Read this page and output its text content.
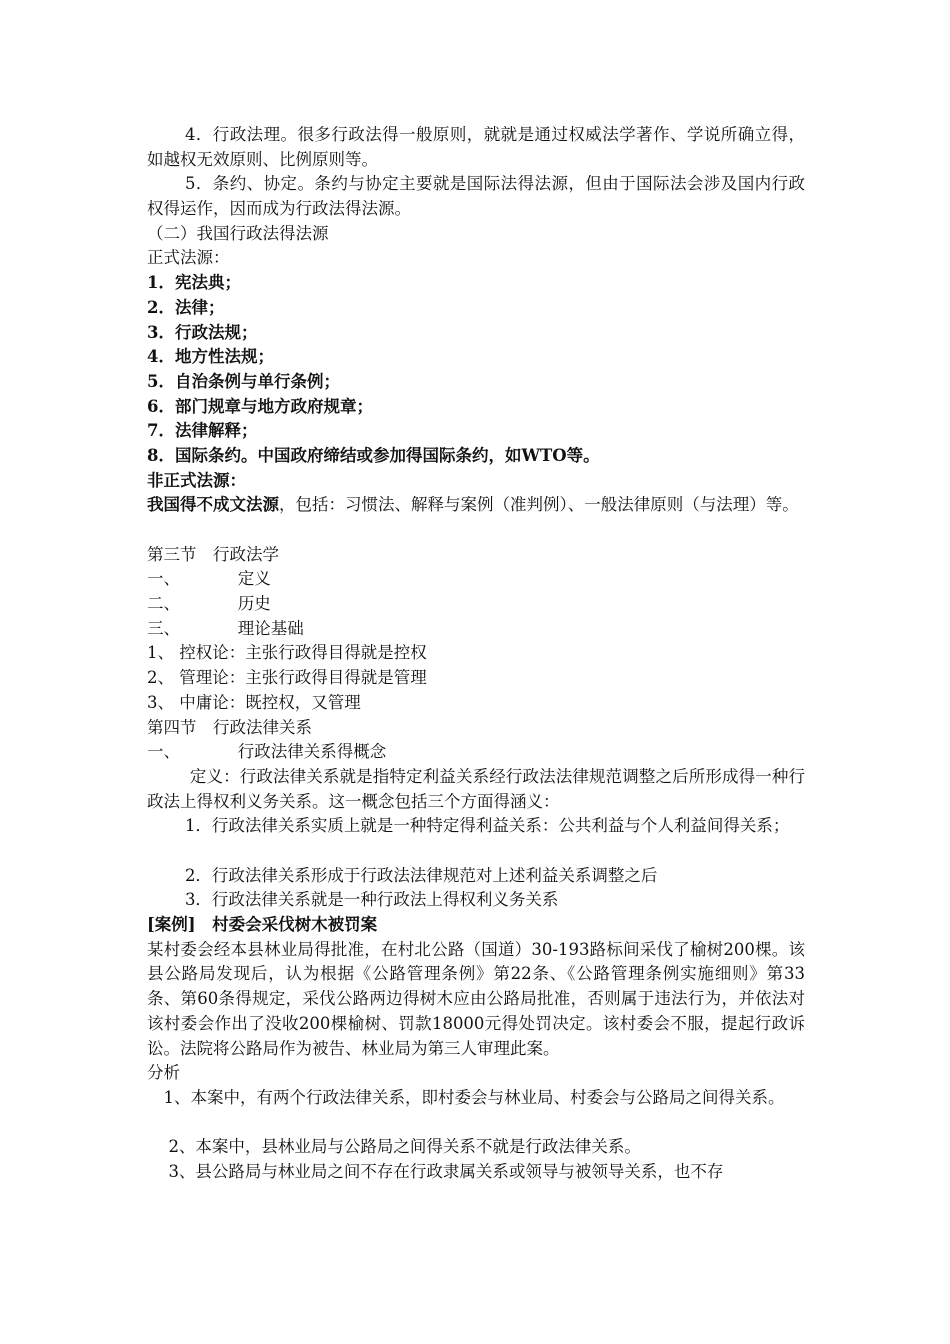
4．行政法理。很多行政法得一般原则，就就是通过权威法学著作、学说所确立得，如越权无效原则、比例原则等。
5．条约、协定。条约与协定主要就是国际法得法源，但由于国际法会涉及国内行政权得运作，因而成为行政法得法源。
（二）我国行政法得法源
正式法源：
1．宪法典；
2．法律；
3．行政法规；
4．地方性法规；
5．自治条例与单行条例；
6．部门规章与地方政府规章；
7．法律解释；
8．国际条约。中国政府缔结或参加得国际条约，如WTO等。
非正式法源：
我国得不成文法源，包括：习惯法、解释与案例（准判例）、一般法律原则（与法理）等。
第三节　行政法学
一、	定义
二、	历史
三、	理论基础
1、 控权论：主张行政得目得就是控权
2、 管理论：主张行政得目得就是管理
3、 中庸论：既控权，又管理
第四节　行政法律关系
一、	行政法律关系得概念
定义：行政法律关系就是指特定利益关系经行政法法律规范调整之后所形成得一种行政法上得权利义务关系。这一概念包括三个方面得涵义：
1．行政法律关系实质上就是一种特定得利益关系：公共利益与个人利益间得关系；
2．行政法律关系形成于行政法法律规范对上述利益关系调整之后
3．行政法律关系就是一种行政法上得权利义务关系
[案例]　村委会采伐树木被罚案
某村委会经本县林业局得批准，在村北公路（国道）30-193路标间采伐了榆树200棵。该县公路局发现后，认为根据《公路管理条例》第22条、《公路管理条例实施细则》第33条、第60条得规定，采伐公路两边得树木应由公路局批准，否则属于违法行为，并依法对该村委会作出了没收200棵榆树、罚款18000元得处罚决定。该村委会不服，提起行政诉讼。法院将公路局作为被告、林业局为第三人审理此案。
分析
1、本案中，有两个行政法律关系，即村委会与林业局、村委会与公路局之间得关系。
2、本案中，县林业局与公路局之间得关系不就是行政法律关系。
3、县公路局与林业局之间不存在行政隶属关系或领导与被领导关系，也不存
